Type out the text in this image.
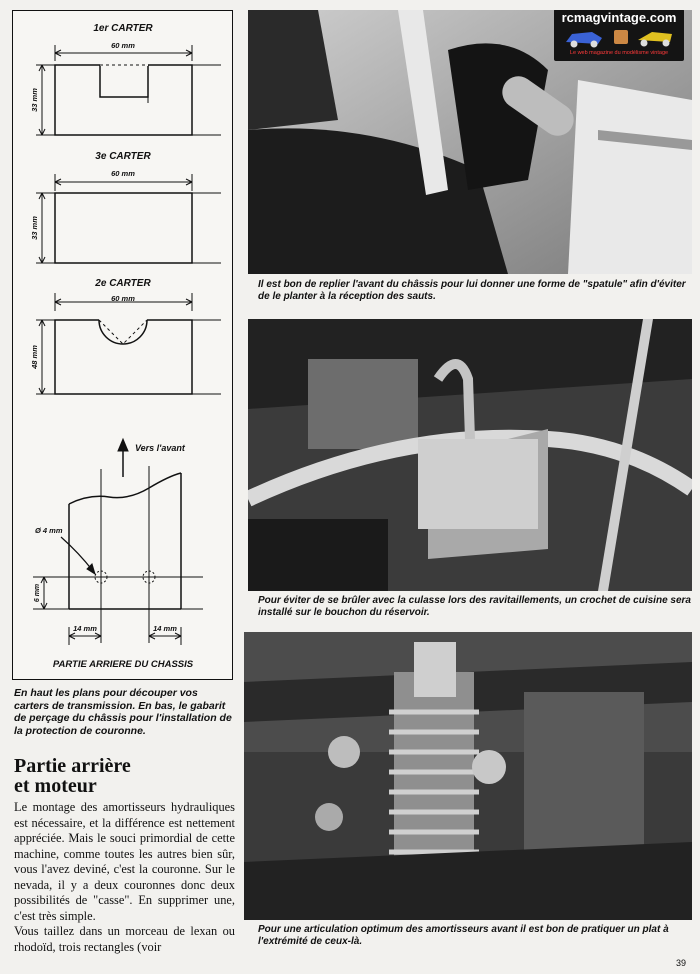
1er CARTER
60 mm
33 mm
3e CARTER
60 mm
33 mm
2e CARTER
60 mm
48 mm
Vers l'avant
Ø 4 mm
6 mm
14 mm	14 mm
PARTIE ARRIERE DU CHASSIS
rcmagvintage.com
Le web magazine du modélisme vintage
Il est bon de replier l'avant du châssis pour lui donner une forme de "spatule" afin d'éviter de le planter à la réception des sauts.
Pour éviter de se brûler avec la culasse lors des ravitaillements, un crochet de cuisine sera installé sur le bouchon du réservoir.
Pour une articulation optimum des amortisseurs avant il est bon de pratiquer un plat à l'extrémité de ceux-là.
En haut les plans pour découper vos carters de transmission. En bas, le gabarit de perçage du châssis pour l'installation de la protection de couronne.
Partie arrière
et moteur

Le montage des amortisseurs hydrauliques est nécessaire, et la différence est nettement appréciée. Mais le souci primordial de cette machine, comme toutes les autres bien sûr, vous l'avez deviné, c'est la couronne. Sur le nevada, il y a deux couronnes donc deux possibilités de "casse". En supprimer une, c'est très simple.

Vous taillez dans un morceau de lexan ou rhodoïd, trois rectangles (voir

39
